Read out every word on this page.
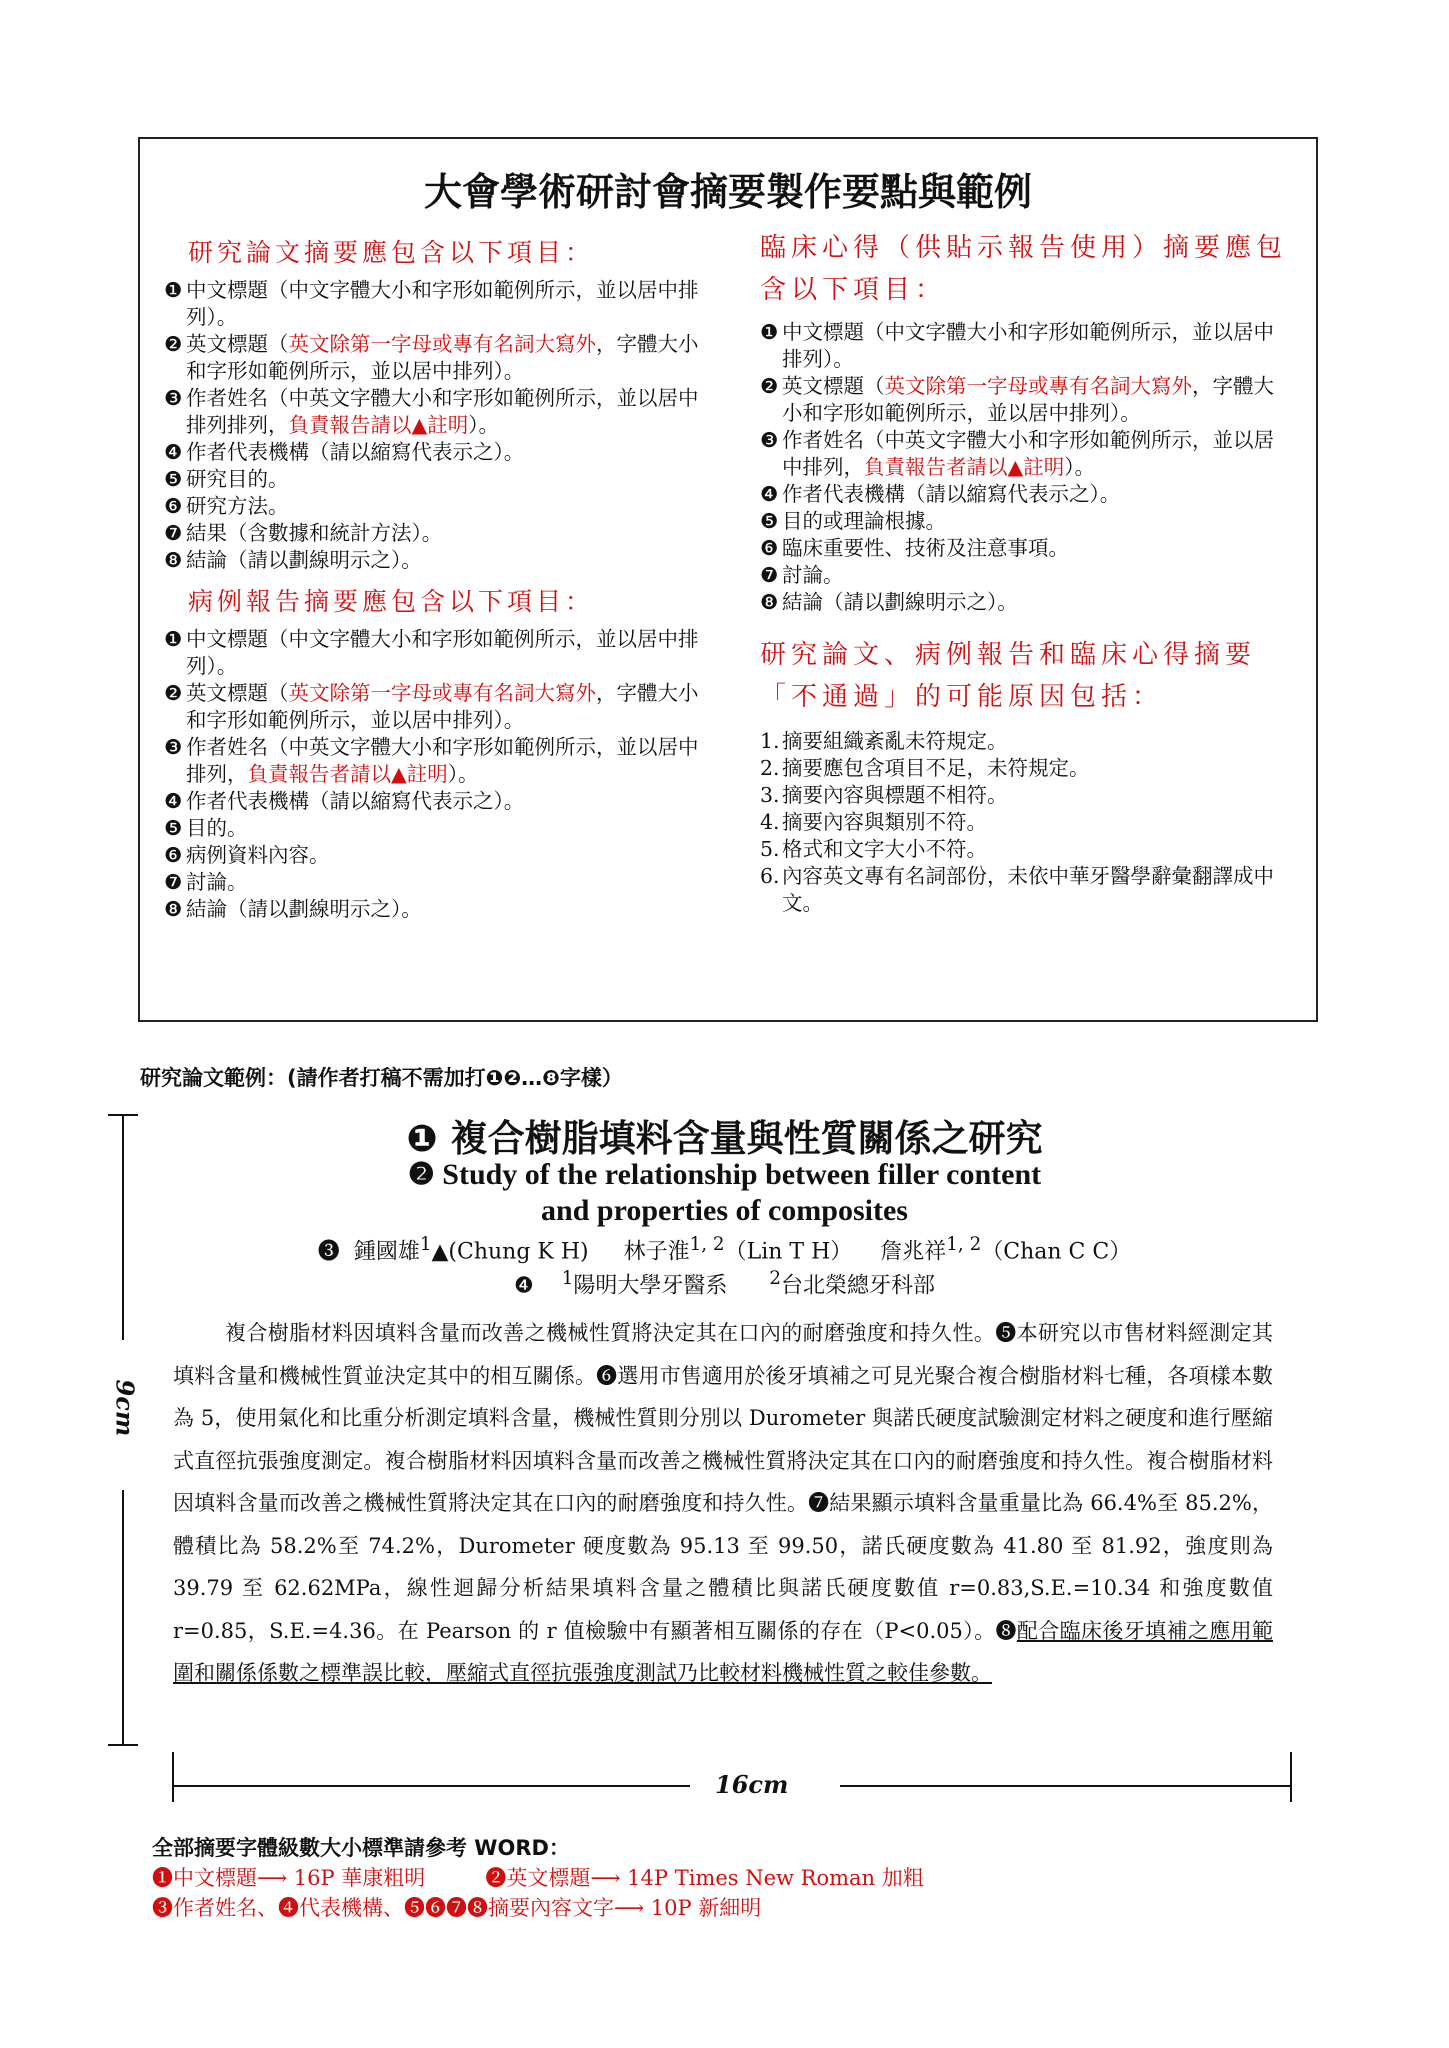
大會學術研討會摘要製作要點與範例
研究論文摘要應包含以下項目：
❶ 中文標題（中文字體大小和字形如範例所示，並以居中排列）。
❷ 英文標題（英文除第一字母或專有名詞大寫外，字體大小和字形如範例所示，並以居中排列）。
❸ 作者姓名（中英文字體大小和字形如範例所示，並以居中排列排列，負責報告請以▲註明）。
❹ 作者代表機構（請以縮寫代表示之）。
❺ 研究目的。
❻ 研究方法。
❼ 結果（含數據和統計方法）。
❽ 結論（請以劃線明示之）。
病例報告摘要應包含以下項目：
❶ 中文標題（中文字體大小和字形如範例所示，並以居中排列）。
❷ 英文標題（英文除第一字母或專有名詞大寫外，字體大小和字形如範例所示，並以居中排列）。
❸ 作者姓名（中英文字體大小和字形如範例所示，並以居中排列，負責報告者請以▲註明）。
❹ 作者代表機構（請以縮寫代表示之）。
❺ 目的。
❻ 病例資料內容。
❼ 討論。
❽ 結論（請以劃線明示之）。
臨床心得（供貼示報告使用）摘要應包含以下項目：
❶ 中文標題（中文字體大小和字形如範例所示，並以居中排列）。
❷ 英文標題（英文除第一字母或專有名詞大寫外，字體大小和字形如範例所示，並以居中排列）。
❸ 作者姓名（中英文字體大小和字形如範例所示，並以居中排列，負責報告者請以▲註明）。
❹ 作者代表機構（請以縮寫代表示之）。
❺ 目的或理論根據。
❻ 臨床重要性、技術及注意事項。
❼ 討論。
❽ 結論（請以劃線明示之）。
研究論文、病例報告和臨床心得摘要「不通過」的可能原因包括：
1. 摘要組織紊亂未符規定。
2. 摘要應包含項目不足，未符規定。
3. 摘要內容與標題不相符。
4. 摘要內容與類別不符。
5. 格式和文字大小不符。
6. 內容英文專有名詞部份，未依中華牙醫學辭彙翻譯成中文。
研究論文範例：(請作者打稿不需加打❶❷…❽字樣）
❶ 複合樹脂填料含量與性質關係之研究
❷ Study of the relationship between filler content
and properties of composites
❸ 鍾國雄$^1$▲(Chung K H) 林子淮$^{1, 2}$（Lin T H） 詹兆祥$^{1, 2}$（Chan C C）
❹ $^1$陽明大學牙醫系 $^2$台北榮總牙科部

複合樹脂材料因填料含量而改善之機械性質將決定其在口內的耐磨強度和持久性。❺本研究以市售材料經測定其填料含量和機械性質並決定其中的相互關係。❻選用市售適用於後牙填補之可見光聚合複合樹脂材料七種，各項樣本數為 5，使用氣化和比重分析測定填料含量，機械性質則分別以 Durometer 與諾氏硬度試驗測定材料之硬度和進行壓縮式直徑抗張強度測定。複合樹脂材料因填料含量而改善之機械性質將決定其在口內的耐磨強度和持久性。複合樹脂材料因填料含量而改善之機械性質將決定其在口內的耐磨強度和持久性。❼結果顯示填料含量重量比為 66.4%至 85.2%，體積比為 58.2%至 74.2%，Durometer 硬度數為 95.13 至 99.50，諾氏硬度數為 41.80 至 81.92，強度則為 39.79 至 62.62MPa，線性迴歸分析結果填料含量之體積比與諾氏硬度數值 r=0.83,S.E.=10.34 和強度數值 r=0.85，S.E.=4.36。在 Pearson 的 r 值檢驗中有顯著相互關係的存在（P<0.05）。❽配合臨床後牙填補之應用範圍和關係係數之標準誤比較，壓縮式直徑抗張強度測試乃比較材料機械性質之較佳參數。

9cm
16cm
全部摘要字體級數大小標準請參考 WORD：
❶中文標題⟶ 16P 華康粗明	❷英文標題⟶ 14P Times New Roman 加粗
❸作者姓名、❹代表機構、❺❻❼❽摘要內容文字⟶ 10P 新細明
